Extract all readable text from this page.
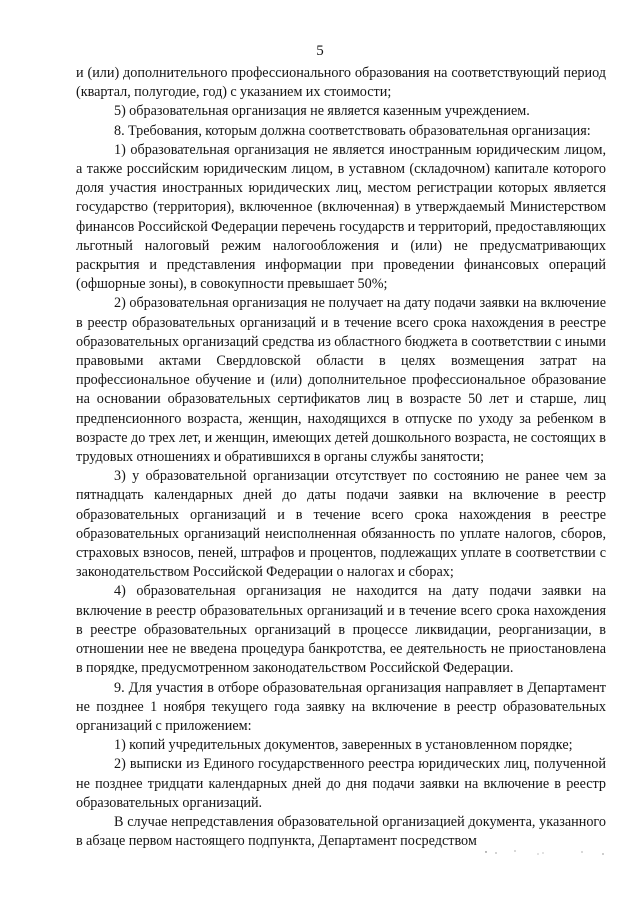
5

и (или) дополнительного профессионального образования на соответствующий период (квартал, полугодие, год) с указанием их стоимости;

5) образовательная организация не является казенным учреждением.

8. Требования, которым должна соответствовать образовательная организация:

1) образовательная организация не является иностранным юридическим лицом, а также российским юридическим лицом, в уставном (складочном) капитале которого доля участия иностранных юридических лиц, местом регистрации которых является государство (территория), включенное (включенная) в утверждаемый Министерством финансов Российской Федерации перечень государств и территорий, предоставляющих льготный налоговый режим налогообложения и (или) не предусматривающих раскрытия и представления информации при проведении финансовых операций (офшорные зоны), в совокупности превышает 50%;

2) образовательная организация не получает на дату подачи заявки на включение в реестр образовательных организаций и в течение всего срока нахождения в реестре образовательных организаций средства из областного бюджета в соответствии с иными правовыми актами Свердловской области в целях возмещения затрат на профессиональное обучение и (или) дополнительное профессиональное образование на основании образовательных сертификатов лиц в возрасте 50 лет и старше, лиц предпенсионного возраста, женщин, находящихся в отпуске по уходу за ребенком в возрасте до трех лет, и женщин, имеющих детей дошкольного возраста, не состоящих в трудовых отношениях и обратившихся в органы службы занятости;

3) у образовательной организации отсутствует по состоянию не ранее чем за пятнадцать календарных дней до даты подачи заявки на включение в реестр образовательных организаций и в течение всего срока нахождения в реестре образовательных организаций неисполненная обязанность по уплате налогов, сборов, страховых взносов, пеней, штрафов и процентов, подлежащих уплате в соответствии с законодательством Российской Федерации о налогах и сборах;

4) образовательная организация не находится на дату подачи заявки на включение в реестр образовательных организаций и в течение всего срока нахождения в реестре образовательных организаций в процессе ликвидации, реорганизации, в отношении нее не введена процедура банкротства, ее деятельность не приостановлена в порядке, предусмотренном законодательством Российской Федерации.

9. Для участия в отборе образовательная организация направляет в Департамент не позднее 1 ноября текущего года заявку на включение в реестр образовательных организаций с приложением:

1) копий учредительных документов, заверенных в установленном порядке;

2) выписки из Единого государственного реестра юридических лиц, полученной не позднее тридцати календарных дней до дня подачи заявки на включение в реестр образовательных организаций.

В случае непредставления образовательной организацией документа, указанного в абзаце первом настоящего подпункта, Департамент посредством
